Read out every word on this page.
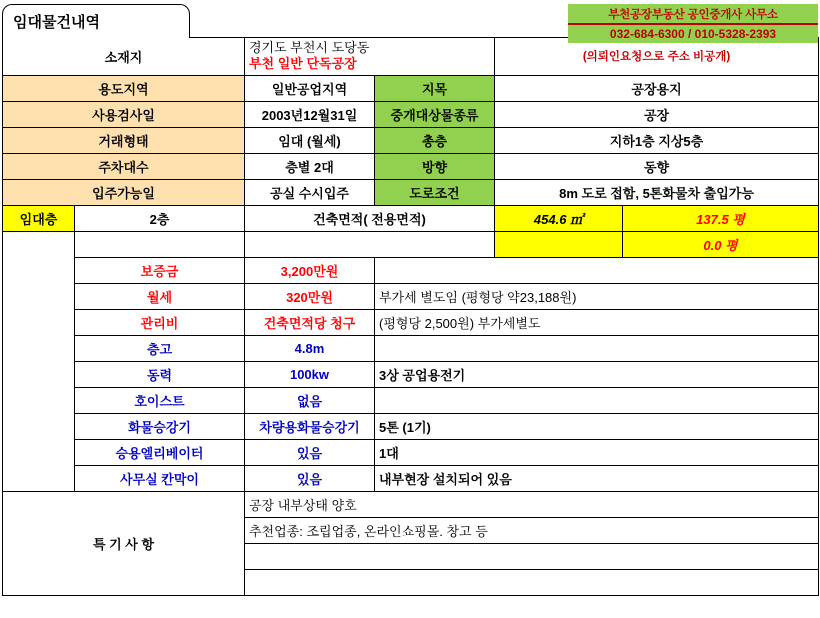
임대물건내역	부천공장부동산 공인중개사 사무소
032-684-6300 / 010-5328-2393
소재지		경기도 부천시 도당동
부천 일반 단독공장		(의뢰인요청으로 주소 비공개)	
용도지역		일반공업지역	지목	공장용지	
사용검사일		2003년12월31일	중개대상물종류	공장	
거래형태		임대 (월세)	총층	지하1층 지상5층	
주차대수		층별 2대	방향	동향	
입주가능일		공실 수시입주	도로조건	8m 도로 접함, 5톤화물차 출입가능	
임대층	2층	건축면적( 전용면적)		454.6 ㎡	137.5 평
					0.0 평
	보증금	3,200만원			
	월세	320만원	부가세 별도임 (평형당 약23,188원)		
	관리비	건축면적당 청구	(평형당 2,500원) 부가세별도		
	층고	4.8m			
	동력	100kw	3상 공업용전기		
	호이스트	없음			
	화물승강기	차량용화물승강기	5톤 (1기)		
	승용엘리베이터	있음	1대		
	사무실 칸막이	있음	내부현장 설치되어 있음		
특 기 사 항		공장 내부상태 양호			
		추천업종: 조립업종, 온라인쇼핑몰. 창고 등			
